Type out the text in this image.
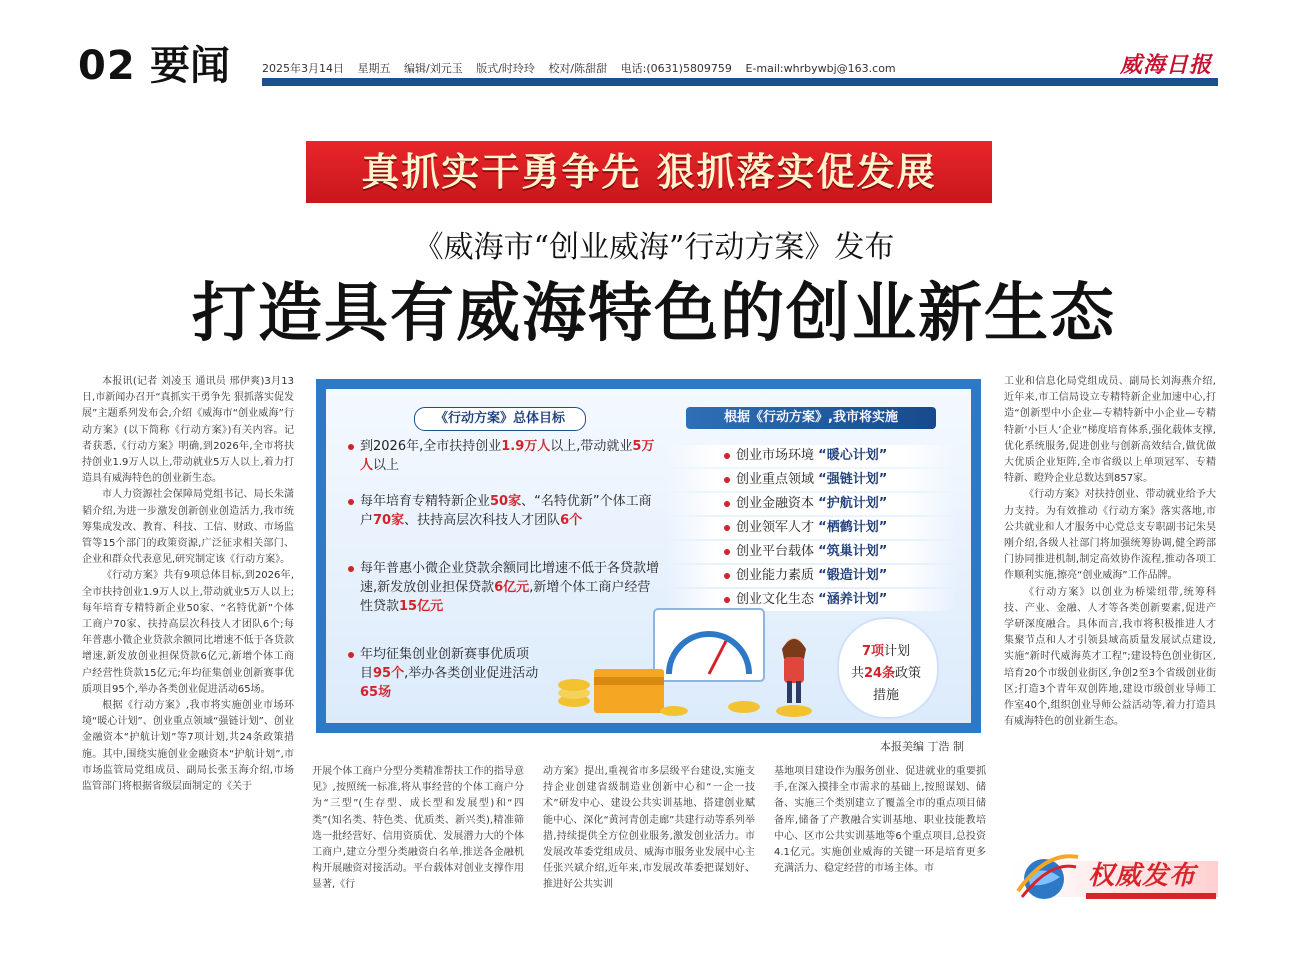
02 要闻	2025年3月14日 星期五 编辑/刘元玉 版式/时玲玲 校对/陈甜甜 电话:(0631)5809759 E-mail:whrbywbj@163.com	威海日报
真抓实干勇争先 狠抓落实促发展
《威海市“创业威海”行动方案》发布
打造具有威海特色的创业新生态

本报讯(记者 刘凌玉 通讯员 邢伊爽)3月13日,市新闻办召开“真抓实干勇争先 狠抓落实促发展”主题系列发布会,介绍《威海市“创业威海”行动方案》(以下简称《行动方案》)有关内容。记者获悉,《行动方案》明确,到2026年,全市将扶持创业1.9万人以上,带动就业5万人以上,着力打造具有威海特色的创业新生态。

市人力资源社会保障局党组书记、局长朱潇韬介绍,为进一步激发创新创业创造活力,我市统筹集成发改、教育、科技、工信、财政、市场监管等15个部门的政策资源,广泛征求相关部门、企业和群众代表意见,研究制定该《行动方案》。

《行动方案》共有9项总体目标,到2026年,全市扶持创业1.9万人以上,带动就业5万人以上;每年培育专精特新企业50家、“名特优新”个体工商户70家、扶持高层次科技人才团队6个;每年普惠小微企业贷款余额同比增速不低于各贷款增速,新发放创业担保贷款6亿元,新增个体工商户经营性贷款15亿元;年均征集创业创新赛事优质项目95个,举办各类创业促进活动65场。

根据《行动方案》,我市将实施创业市场环境“暖心计划”、创业重点领域“强链计划”、创业金融资本“护航计划”等7项计划,共24条政策措施。其中,围绕实施创业金融资本“护航计划”,市市场监管局党组成员、副局长张玉海介绍,市场监管部门将根据省级层面制定的《关于

《行动方案》总体目标	根据《行动方案》,我市将实施
到2026年,全市扶持创业1.9万人以上,带动就业5万人以上
每年培育专精特新企业50家、“名特优新”个体工商户70家、扶持高层次科技人才团队6个
每年普惠小微企业贷款余额同比增速不低于各贷款增速,新发放创业担保贷款6亿元,新增个体工商户经营性贷款15亿元
年均征集创业创新赛事优质项目95个,举办各类创业促进活动65场
创业市场环境 “暖心计划”
创业重点领域 “强链计划”
创业金融资本 “护航计划”
创业领军人才 “栖鹤计划”
创业平台载体 “筑巢计划”
创业能力素质 “锻造计划”
创业文化生态 “涵养计划”
7项计划
共24条政策
措施
本报美编 丁浩 制

开展个体工商户分型分类精准帮扶工作的指导意见》,按照统一标准,将从事经营的个体工商户分为“三型”(生存型、成长型和发展型)和“四类”(知名类、特色类、优质类、新兴类),精准筛选一批经营好、信用资质优、发展潜力大的个体工商户,建立分型分类融资白名单,推送各金融机构开展融资对接活动。平台载体对创业支撑作用显著,《行

动方案》提出,重视省市多层级平台建设,实施支持企业创建省级制造业创新中心和“一企一技术”研发中心、建设公共实训基地、搭建创业赋能中心、深化“黄河青创走廊”共建行动等系列举措,持续提供全方位创业服务,激发创业活力。市发展改革委党组成员、威海市服务业发展中心主任张兴斌介绍,近年来,市发展改革委把谋划好、推进好公共实训

基地项目建设作为服务创业、促进就业的重要抓手,在深入摸排全市需求的基础上,按照谋划、储备、实施三个类别建立了覆盖全市的重点项目储备库,储备了产教融合实训基地、职业技能教培中心、区市公共实训基地等6个重点项目,总投资4.1亿元。实施创业威海的关键一环是培育更多充满活力、稳定经营的市场主体。市

工业和信息化局党组成员、副局长刘海燕介绍,近年来,市工信局设立专精特新企业加速中心,打造“创新型中小企业—专精特新中小企业—专精特新‘小巨人’企业”梯度培育体系,强化载体支撑,优化系统服务,促进创业与创新高效结合,做优做大优质企业矩阵,全市省级以上单项冠军、专精特新、瞪羚企业总数达到857家。

《行动方案》对扶持创业、带动就业给予大力支持。为有效推动《行动方案》落实落地,市公共就业和人才服务中心党总支专职副书记朱昊刚介绍,各级人社部门将加强统筹协调,健全跨部门协同推进机制,制定高效协作流程,推动各项工作顺利实施,擦亮“创业威海”工作品牌。

《行动方案》以创业为桥梁纽带,统筹科技、产业、金融、人才等各类创新要素,促进产学研深度融合。具体而言,我市将积极推进人才集聚节点和人才引领县域高质量发展试点建设,实施“新时代威海英才工程”;建设特色创业街区,培育20个市级创业街区,争创2至3个省级创业街区;打造3个青年双创阵地,建设市级创业导师工作室40个,组织创业导师公益活动等,着力打造具有威海特色的创业新生态。

权威发布
